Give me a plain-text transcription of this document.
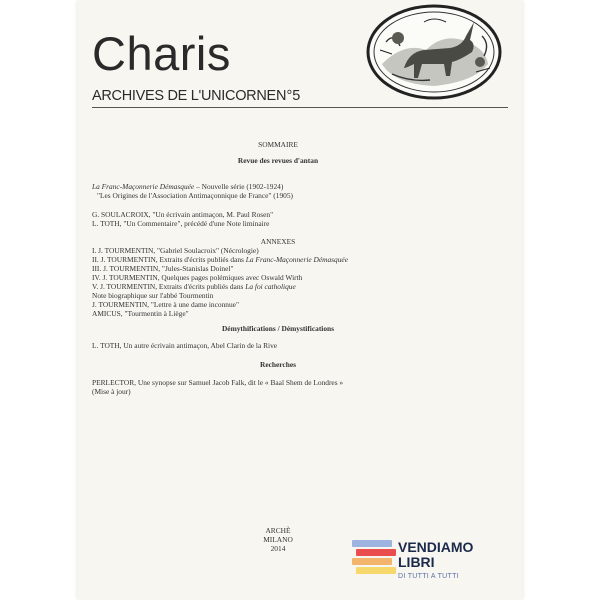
Charis
ARCHIVES DE L'UNICORNE N°5
SOMMAIRE
Revue des revues d'antan
La Franc-Maçonnerie Démasquée – Nouvelle série (1902-1924)
"Les Origines de l'Association Antimaçonnique de France" (1905)
G. SOULACROIX, "Un écrivain antimaçon, M. Paul Rosen"
L. TOTH, "Un Commentaire", précédé d'une Note liminaire
ANNEXES
I. J. TOURMENTIN, "Gabriel Soulacroix" (Nécrologie)
II. J. TOURMENTIN, Extraits d'écrits publiés dans La Franc-Maçonnerie Démasquée
III. J. TOURMENTIN, "Jules-Stanislas Doinel"
IV. J. TOURMENTIN, Quelques pages polémiques avec Oswald Wirth
V. J. TOURMENTIN, Extraits d'écrits publiés dans La foi catholique
Note biographique sur l'abbé Tourmentin
J. TOURMENTIN, "Lettre à une dame inconnue"
AMICUS, "Tourmentin à Liège"
Démythifications / Démystifications
L. TOTH, Un autre écrivain antimaçon, Abel Clarin de la Rive
Recherches
PERLECTOR, Une synopse sur Samuel Jacob Falk, dit le « Baal Shem de Londres »
(Mise à jour)
ARCHÈ
MILANO
2014	VENDIAMO
LIBRI
DI TUTTI A TUTTI
